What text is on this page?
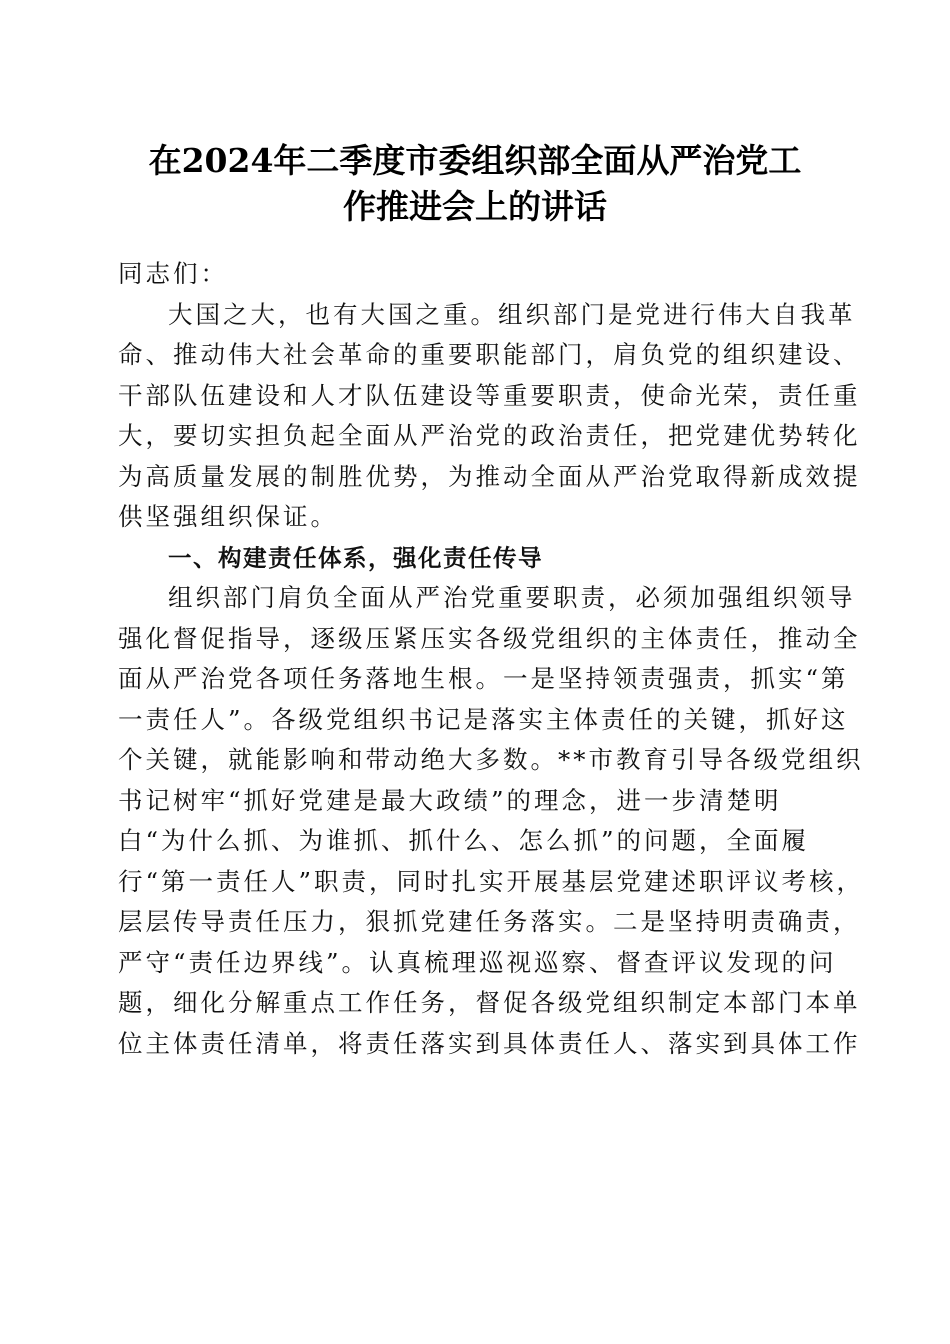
在2024年二季度市委组织部全面从严治党工
作推进会上的讲话
同志们：
大国之大，也有大国之重。组织部门是党进行伟大自我革
命、推动伟大社会革命的重要职能部门，肩负党的组织建设、
干部队伍建设和人才队伍建设等重要职责，使命光荣，责任重
大，要切实担负起全面从严治党的政治责任，把党建优势转化
为高质量发展的制胜优势，为推动全面从严治党取得新成效提
供坚强组织保证。
一、构建责任体系，强化责任传导
组织部门肩负全面从严治党重要职责，必须加强组织领导
强化督促指导，逐级压紧压实各级党组织的主体责任，推动全
面从严治党各项任务落地生根。一是坚持领责强责，抓实“第
一责任人”。各级党组织书记是落实主体责任的关键，抓好这
个关键，就能影响和带动绝大多数。**市教育引导各级党组织
书记树牢“抓好党建是最大政绩”的理念，进一步清楚明
白“为什么抓、为谁抓、抓什么、怎么抓”的问题，全面履
行“第一责任人”职责，同时扎实开展基层党建述职评议考核，
层层传导责任压力，狠抓党建任务落实。二是坚持明责确责，
严守“责任边界线”。认真梳理巡视巡察、督查评议发现的问
题，细化分解重点工作任务，督促各级党组织制定本部门本单
位主体责任清单，将责任落实到具体责任人、落实到具体工作
